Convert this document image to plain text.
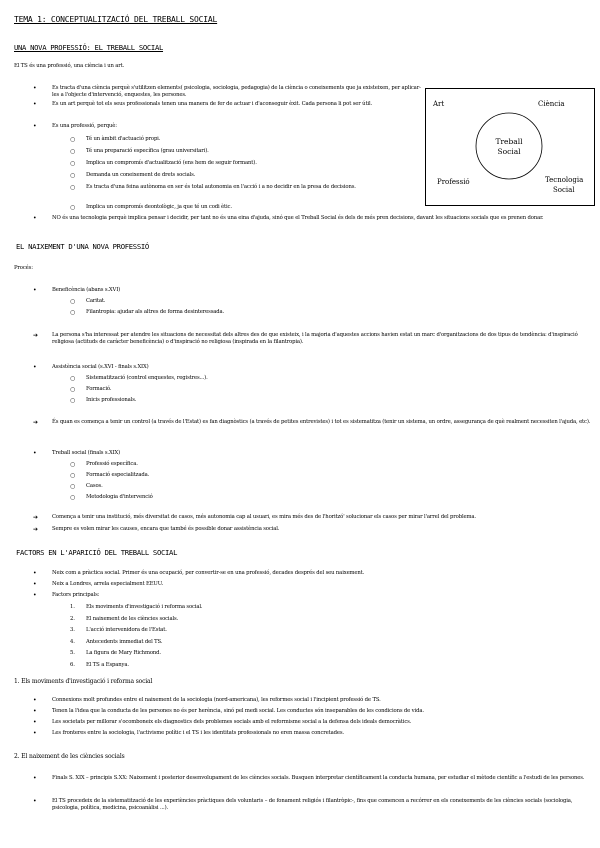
TEMA 1: CONCEPTUALITZACIÓ DEL TREBALL SOCIAL
UNA NOVA PROFESSIÓ: EL TREBALL SOCIAL
El TS és una professió, una ciència i un art.
•	Es tracta d'una ciència perquè s'utilitzen elements( psicologia, sociologia, pedagogia) de la ciència o coneixements que ja existeixen, per aplicar-les a l'objecte d'intervenció, enquestes, les persones.
•	Es un art perquè tot els seus professionals tenen una manera de fer de actuar i d'aconseguir èxit. Cada persona li pot ser útil.
•	Es una professió, perquè:
○ Té un àmbit d'actuació propi.
○ Té una preparació específica (grau universitari).
○ Implica un compromís d'actualització (ens hem de seguir formant).
○ Demanda un coneixement de drets socials.
○ Es tracta d'una feina autònoma en ser és total autonomia en l'acció i a no decidir en la presa de decisions.
○ Implica un compromís deontològic, ja que té un codi ètic.
•	NO és una tecnologia perquè implica pensar i decidir, per tant no és una eina d'ajuda, sinó que el Treball Social és dels de més pren decisions, davant les situacions socials que es prenen donar.
Art	Ciència
Treball
Social
Professió	Tecnologia
Social
EL NAIXEMENT D'UNA NOVA PROFESSIÓ
Procés:
•	Beneficència (abans s.XVI)
○ Caritat.
○ Filantropia: ajudar als altres de forma desinteressada.
➔	La persona s'ha interessat per atendre les situacions de necessitat dels altres des de que existeix, i la majoria d'aquestes accions havien estat un marc d'organitzacions de dos tipus de tendència: d'inspiració religiosa (actituds de caràcter beneficència) o d'inspiració no religiosa (inspirada en la filantropia).
•	Assistència social (s.XVI - finals s.XIX)
○ Sistematització (control enquestes, registres...).
○ Formació.
○ Inicis professionals.
➔	És quan es comença a tenir un control (a través de l'Estat) es fan diagnòstics (a través de petites entrevistes) i tot es sistematitza (tenir un sistema, un ordre, assegurança de què realment necessiten l'ajuda, etc).
•	Treball social (finals s.XIX)
○ Professió específica.
○ Formació especialitzada.
○ Casos.
○ Metodologia d'intervenció
➔	Comença a tenir una institució, més diversitat de casos, més autonomia cap al usuari, es mira més des de l'horitzó' solucionar els casos per mirar l'arrel del problema.
➔	Sempre es volen mirar les causes, encara que també és possible donar assistència social.
FACTORS EN L'APARICIÓ DEL TREBALL SOCIAL
•	Neix com a pràctica social. Primer és una ocupació, per convertir-se en una professió, decades després del seu naixement.
•	Neix a Londres, arrela especialment EEUU.
•	Factors principals:
1. Els moviments d'investigació i reforma social.
2. El naixement de les ciències socials.
3. L'acció intervenidora de l'Estat.
4. Antecedents immediat del TS.
5. La figura de Mary Richmond.
6. El TS a Espanya.
1. Els moviments d'investigació i reforma social
•	Connexions molt profundes entre el naixement de la sociologia (nord-americana), les reformes social i l'incipient professió de TS.
•	Tenen la l'idea que la conducta de les persones no és per herència, sinó pel medi social. Les conductes són inseparables de les condicions de vida.
•	Les societats per millorar s'ocomboneix els diagnostics dels problemes socials amb el reformisme social a la defensa dels ideals democràtics.
•	Les fronteres entre la sociologia, l'activisme polític i el TS i les identitats professionals no eren massa concretades.
2. El naixement de les ciències socials
•	Finals S. XIX – principis S.XX: Naixement i posterior desenvolupament de les ciències socials. Busquen interpretar científicament la conducta humana, per estudiar el mètode científic a l'estudi de les persones.
•	El TS procedeix de la sistematització de les experiències pràctiques dels voluntaris – de fonament religiós i filantròpic-, fins que comencen a recórrer en els coneixements de les ciències socials (sociologia, psicologia, política, medicina, psicoanàlisi ...).
